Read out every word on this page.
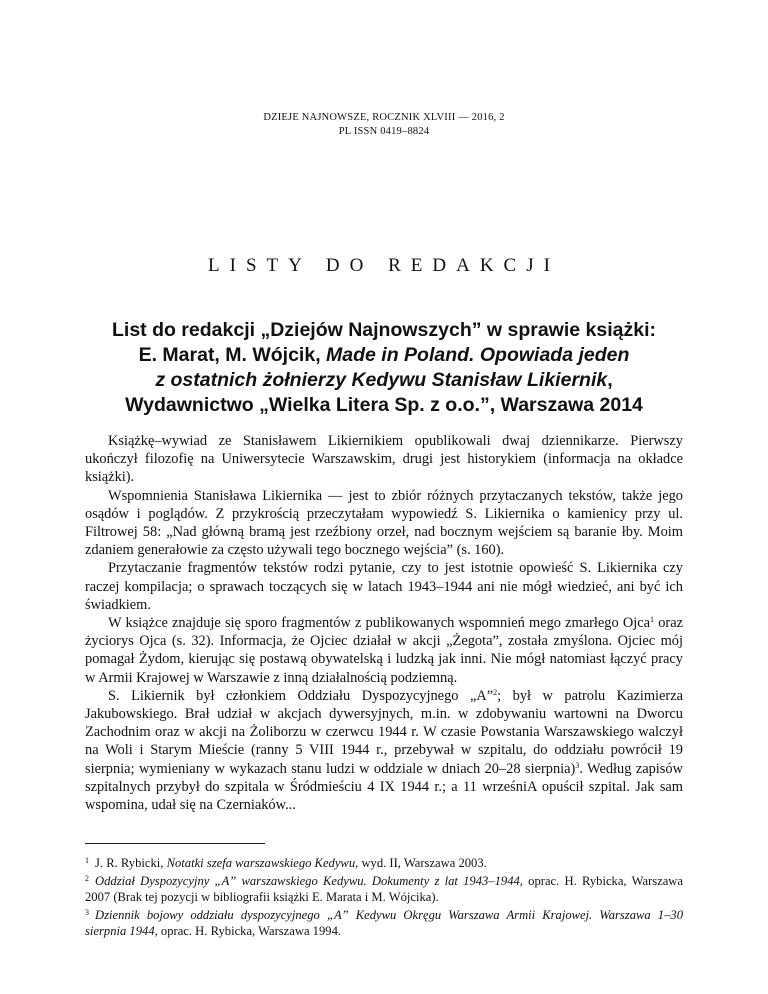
DZIEJE NAJNOWSZE, ROCZNIK XLVIII — 2016, 2
PL ISSN 0419–8824
LISTY DO REDAKCJI
List do redakcji „Dziejów Najnowszych” w sprawie książki:
E. Marat, M. Wójcik, Made in Poland. Opowiada jeden
z ostatnich żołnierzy Kedywu Stanisław Likiernik,
Wydawnictwo „Wielka Litera Sp. z o.o.”, Warszawa 2014

Książkę–wywiad ze Stanisławem Likiernikiem opublikowali dwaj dziennikarze. Pierwszy ukończył filozofię na Uniwersytecie Warszawskim, drugi jest historykiem (informacja na okładce książki).

Wspomnienia Stanisława Likiernika — jest to zbiór różnych przytaczanych tekstów, także jego osądów i poglądów. Z przykrością przeczytałam wypowiedź S. Likiernika o kamienicy przy ul. Filtrowej 58: „Nad główną bramą jest rzeźbiony orzeł, nad bocznym wejściem są baranie łby. Moim zdaniem generałowie za często używali tego bocznego wejścia” (s. 160).

Przytaczanie fragmentów tekstów rodzi pytanie, czy to jest istotnie opowieść S. Likiernika czy raczej kompilacja; o sprawach toczących się w latach 1943–1944 ani nie mógł wiedzieć, ani być ich świadkiem.

W książce znajduje się sporo fragmentów z publikowanych wspomnień mego zmarłego Ojca$^1$ oraz życiorys Ojca (s. 32). Informacja, że Ojciec działał w akcji „Żegota”, została zmyślona. Ojciec mój pomagał Żydom, kierując się postawą obywatelską i ludzką jak inni. Nie mógł natomiast łączyć pracy w Armii Krajowej w Warszawie z inną działalnością podziemną.

S. Likiernik był członkiem Oddziału Dyspozycyjnego „A”$^2$; był w patrolu Kazimierza Jakubowskiego. Brał udział w akcjach dywersyjnych, m.in. w zdobywaniu wartowni na Dworcu Zachodnim oraz w akcji na Żoliborzu w czerwcu 1944 r. W czasie Powstania Warszawskiego walczył na Woli i Starym Mieście (ranny 5 VIII 1944 r., przebywał w szpitalu, do oddziału powrócił 19 sierpnia; wymieniany w wykazach stanu ludzi w oddziale w dniach 20–28 sierpnia)$^3$. Według zapisów szpitalnych przybył do szpitala w Śródmieściu 4 IX 1944 r.; a 11 wrześniA opuścił szpital. Jak sam wspomina, udał się na Czerniaków...

$^1$ J. R. Rybicki, Notatki szefa warszawskiego Kedywu, wyd. II, Warszawa 2003.

$^2$ Oddział Dyspozycyjny „A” warszawskiego Kedywu. Dokumenty z lat 1943–1944, oprac. H. Rybicka, Warszawa 2007 (Brak tej pozycji w bibliografii książki E. Marata i M. Wójcika).

$^3$ Dziennik bojowy oddziału dyspozycyjnego „A” Kedywu Okręgu Warszawa Armii Krajowej. Warszawa 1–30 sierpnia 1944, oprac. H. Rybicka, Warszawa 1994.
